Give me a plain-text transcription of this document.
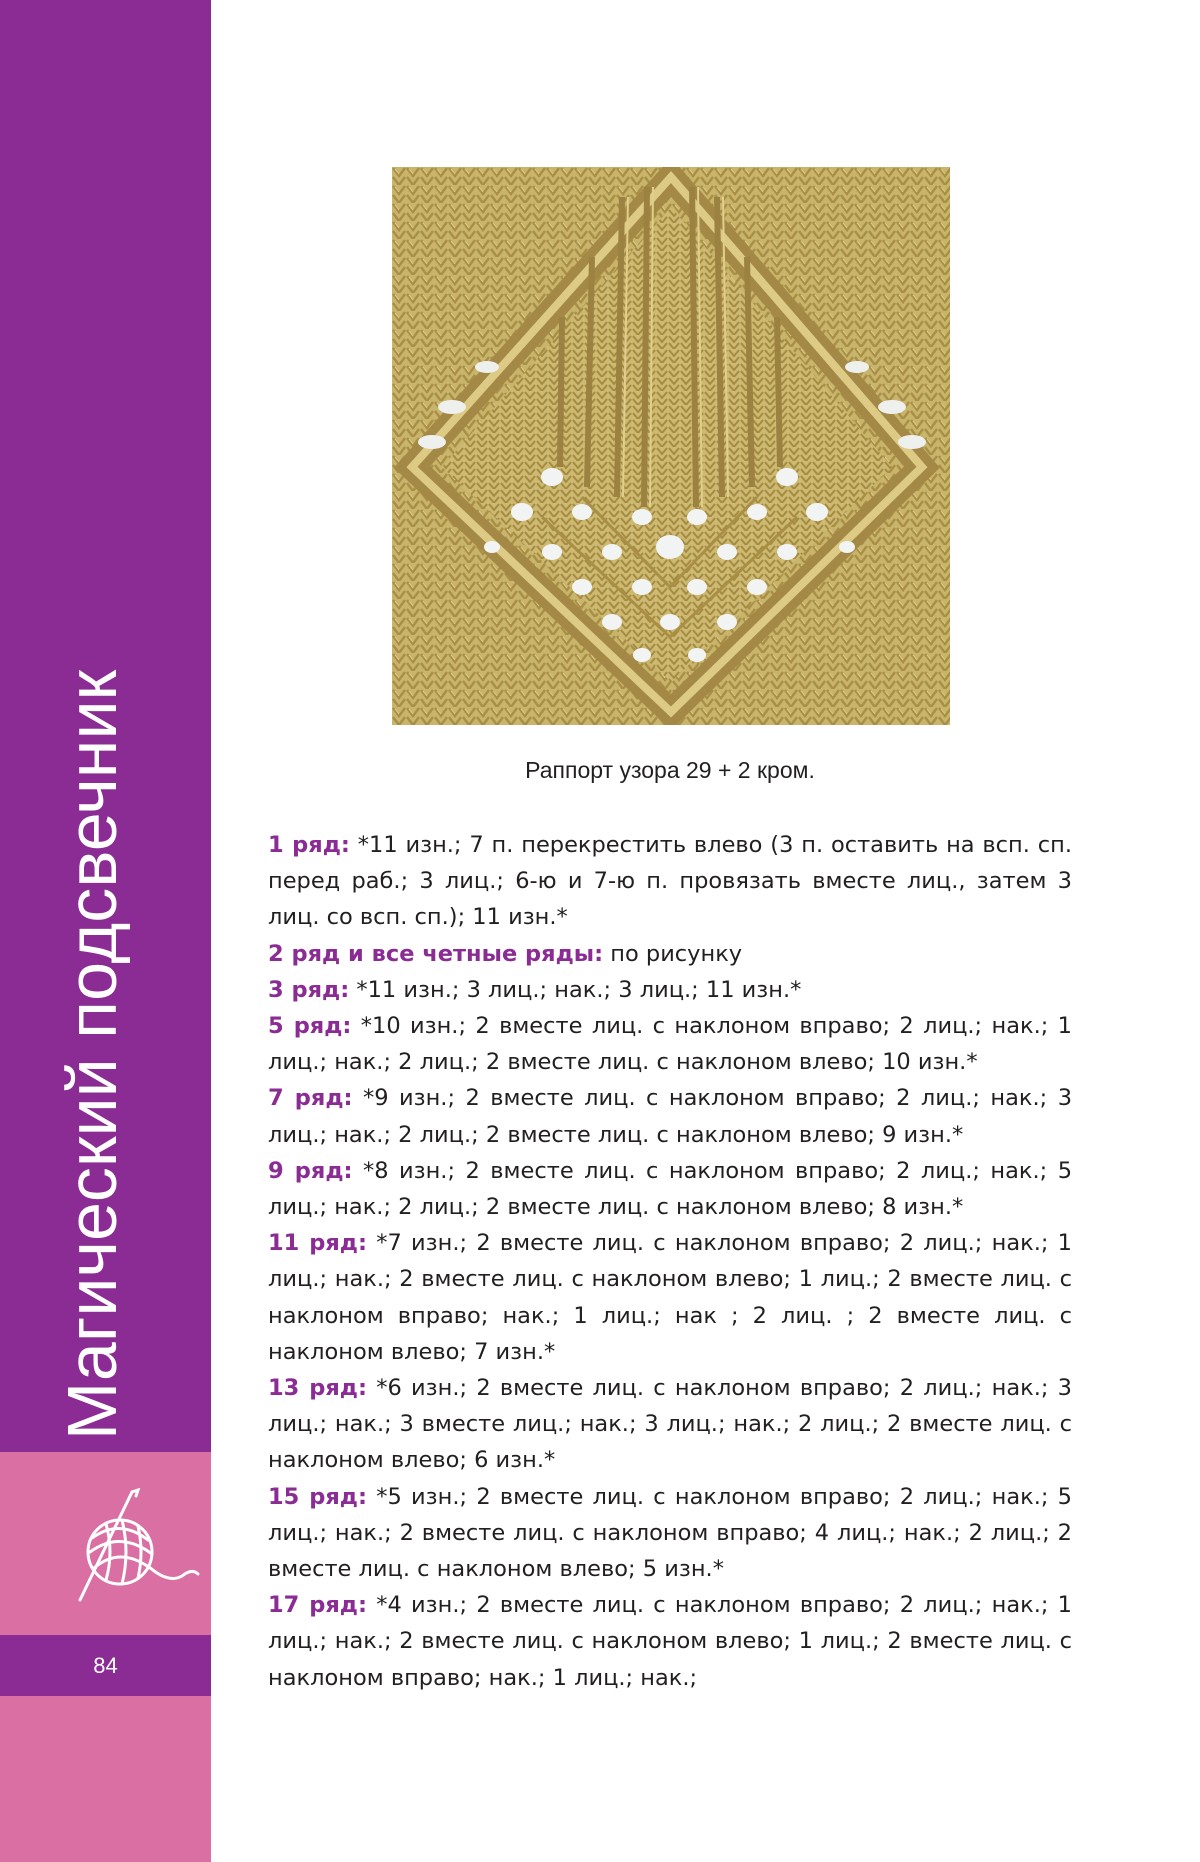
Магический подсвечник
84
Раппорт узора 29 + 2 кром.

1 ряд: *11 изн.; 7 п. перекрестить влево (3 п. оставить на всп. сп. перед раб.; 3 лиц.; 6-ю и 7-ю п. провязать вместе лиц., затем 3 лиц. со всп. сп.); 11 изн.*

2 ряд и все четные ряды: по рисунку

3 ряд: *11 изн.; 3 лиц.; нак.; 3 лиц.; 11 изн.*

5 ряд: *10 изн.; 2 вместе лиц. с наклоном вправо; 2 лиц.; нак.; 1 лиц.; нак.; 2 лиц.; 2 вместе лиц. с наклоном влево; 10 изн.*

7 ряд: *9 изн.; 2 вместе лиц. с наклоном вправо; 2 лиц.; нак.; 3 лиц.; нак.; 2 лиц.; 2 вместе лиц. с наклоном влево; 9 изн.*

9 ряд: *8 изн.; 2 вместе лиц. с наклоном вправо; 2 лиц.; нак.; 5 лиц.; нак.; 2 лиц.; 2 вместе лиц. с наклоном влево; 8 изн.*

11 ряд: *7 изн.; 2 вместе лиц. с наклоном вправо; 2 лиц.; нак.; 1 лиц.; нак.; 2 вместе лиц. с наклоном влево; 1 лиц.; 2 вместе лиц. с наклоном вправо; нак.; 1 лиц.; нак ; 2 лиц. ; 2 вместе лиц. с наклоном влево; 7 изн.*

13 ряд: *6 изн.; 2 вместе лиц. с наклоном вправо; 2 лиц.; нак.; 3 лиц.; нак.; 3 вместе лиц.; нак.; 3 лиц.; нак.; 2 лиц.; 2 вместе лиц. с наклоном влево; 6 изн.*

15 ряд: *5 изн.; 2 вместе лиц. с наклоном вправо; 2 лиц.; нак.; 5 лиц.; нак.; 2 вместе лиц. с наклоном вправо; 4 лиц.; нак.; 2 лиц.; 2 вместе лиц. с наклоном влево; 5 изн.*

17 ряд: *4 изн.; 2 вместе лиц. с наклоном вправо; 2 лиц.; нак.; 1 лиц.; нак.; 2 вместе лиц. с наклоном влево; 1 лиц.; 2 вместе лиц. с наклоном вправо; нак.; 1 лиц.; нак.;
